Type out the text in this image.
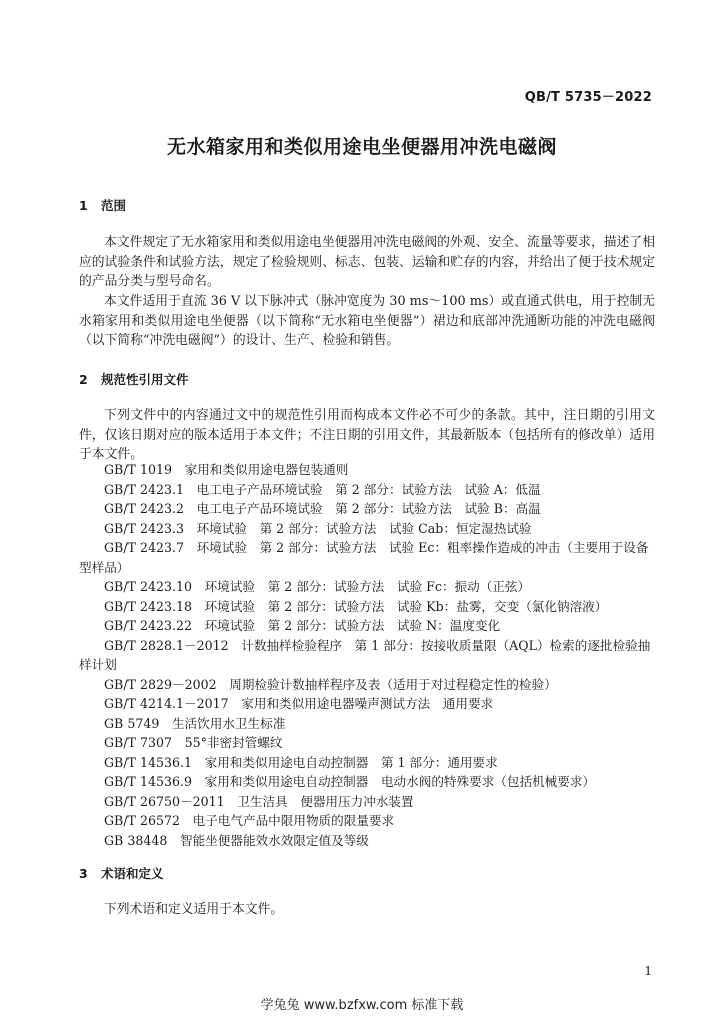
QB/T 5735－2022
无水箱家用和类似用途电坐便器用冲洗电磁阀
1 范围

本文件规定了无水箱家用和类似用途电坐便器用冲洗电磁阀的外观、安全、流量等要求，描述了相应的试验条件和试验方法，规定了检验规则、标志、包装、运输和贮存的内容，并给出了便于技术规定的产品分类与型号命名。

本文件适用于直流 36 V 以下脉冲式（脉冲宽度为 30 ms～100 ms）或直通式供电，用于控制无水箱家用和类似用途电坐便器（以下简称“无水箱电坐便器”）裙边和底部冲洗通断功能的冲洗电磁阀（以下简称“冲洗电磁阀”）的设计、生产、检验和销售。

2 规范性引用文件

下列文件中的内容通过文中的规范性引用而构成本文件必不可少的条款。其中，注日期的引用文件，仅该日期对应的版本适用于本文件；不注日期的引用文件，其最新版本（包括所有的修改单）适用于本文件。

GB/T 1019　家用和类似用途电器包装通则
GB/T 2423.1　电工电子产品环境试验　第 2 部分：试验方法　试验 A：低温
GB/T 2423.2　电工电子产品环境试验　第 2 部分：试验方法　试验 B：高温
GB/T 2423.3　环境试验　第 2 部分：试验方法　试验 Cab：恒定湿热试验
GB/T 2423.7　环境试验　第 2 部分：试验方法　试验 Ec：粗率操作造成的冲击（主要用于设备型样品）
GB/T 2423.10　环境试验　第 2 部分：试验方法　试验 Fc：振动（正弦）
GB/T 2423.18　环境试验　第 2 部分：试验方法　试验 Kb：盐雾，交变（氯化钠溶液）
GB/T 2423.22　环境试验　第 2 部分：试验方法　试验 N：温度变化
GB/T 2828.1－2012　计数抽样检验程序　第 1 部分：按接收质量限（AQL）检索的逐批检验抽样计划
GB/T 2829－2002　周期检验计数抽样程序及表（适用于对过程稳定性的检验）
GB/T 4214.1－2017　家用和类似用途电器噪声测试方法　通用要求
GB 5749　生活饮用水卫生标准
GB/T 7307　55°非密封管螺纹
GB/T 14536.1　家用和类似用途电自动控制器　第 1 部分：通用要求
GB/T 14536.9　家用和类似用途电自动控制器　电动水阀的特殊要求（包括机械要求）
GB/T 26750－2011　卫生洁具　便器用压力冲水装置
GB/T 26572　电子电气产品中限用物质的限量要求
GB 38448　智能坐便器能效水效限定值及等级
3 术语和定义

下列术语和定义适用于本文件。

1
学兔兔 www.bzfxw.com 标准下载
